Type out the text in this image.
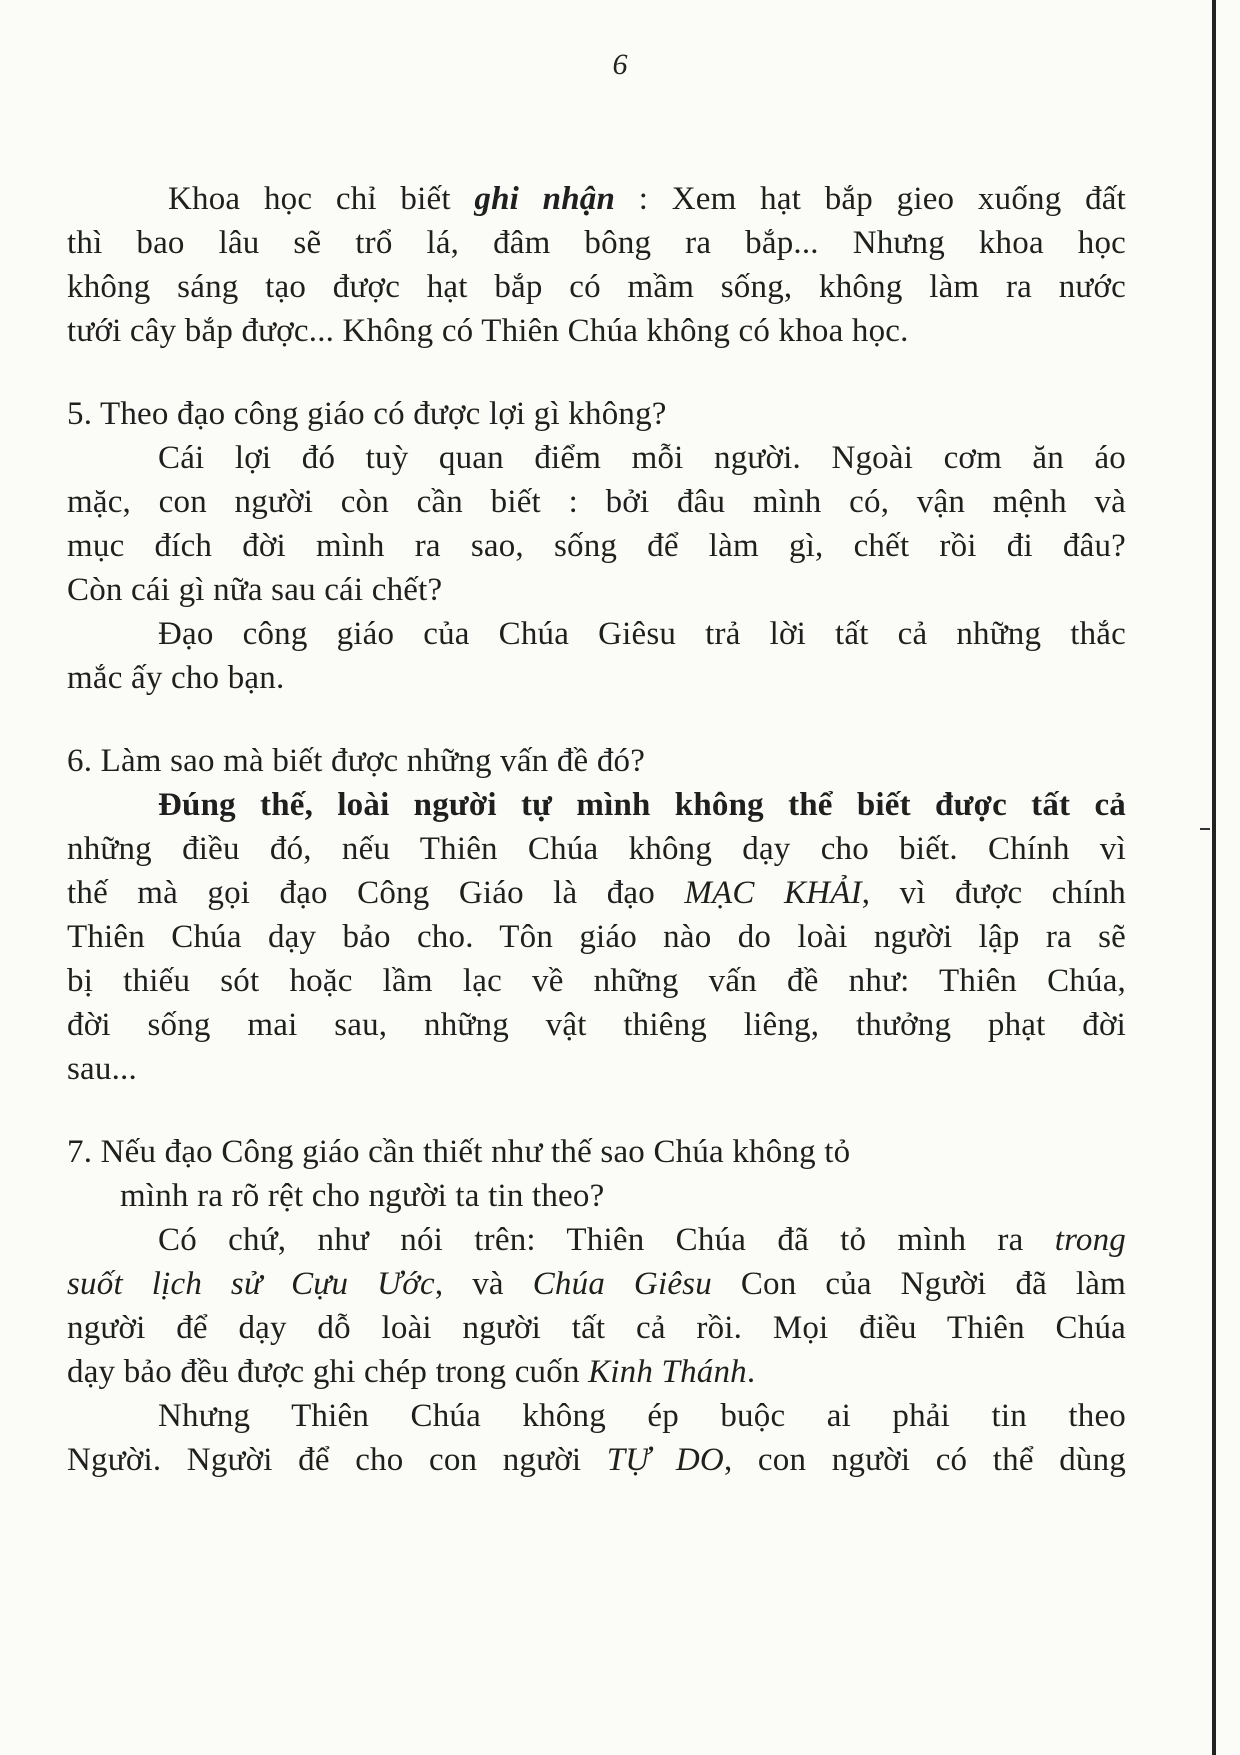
6
Khoa học chỉ biết ghi nhận : Xem hạt bắp gieo xuống đất
thì bao lâu sẽ trổ lá, đâm bông ra bắp... Nhưng khoa học
không sáng tạo được hạt bắp có mầm sống, không làm ra nước
tưới cây bắp được... Không có Thiên Chúa không có khoa học.
5. Theo đạo công giáo có được lợi gì không?
Cái lợi đó tuỳ quan điểm mỗi người. Ngoài cơm ăn áo
mặc, con người còn cần biết : bởi đâu mình có, vận mệnh và
mục đích đời mình ra sao, sống để làm gì, chết rồi đi đâu?
Còn cái gì nữa sau cái chết?
Đạo công giáo của Chúa Giêsu trả lời tất cả những thắc
mắc ấy cho bạn.
6. Làm sao mà biết được những vấn đề đó?
Đúng thế, loài người tự mình không thể biết được tất cả
những điều đó, nếu Thiên Chúa không dạy cho biết. Chính vì
thế mà gọi đạo Công Giáo là đạo MẠC KHẢI, vì được chính
Thiên Chúa dạy bảo cho. Tôn giáo nào do loài người lập ra sẽ
bị thiếu sót hoặc lầm lạc về những vấn đề như: Thiên Chúa,
đời sống mai sau, những vật thiêng liêng, thưởng phạt đời
sau...
7. Nếu đạo Công giáo cần thiết như thế sao Chúa không tỏ
mình ra rõ rệt cho người ta tin theo?
Có chứ, như nói trên: Thiên Chúa đã tỏ mình ra trong
suốt lịch sử Cựu Ước, và Chúa Giêsu Con của Người đã làm
người để dạy dỗ loài người tất cả rồi. Mọi điều Thiên Chúa
dạy bảo đều được ghi chép trong cuốn Kinh Thánh.
Nhưng Thiên Chúa không ép buộc ai phải tin theo
Người. Người để cho con người TỰ DO, con người có thể dùng
